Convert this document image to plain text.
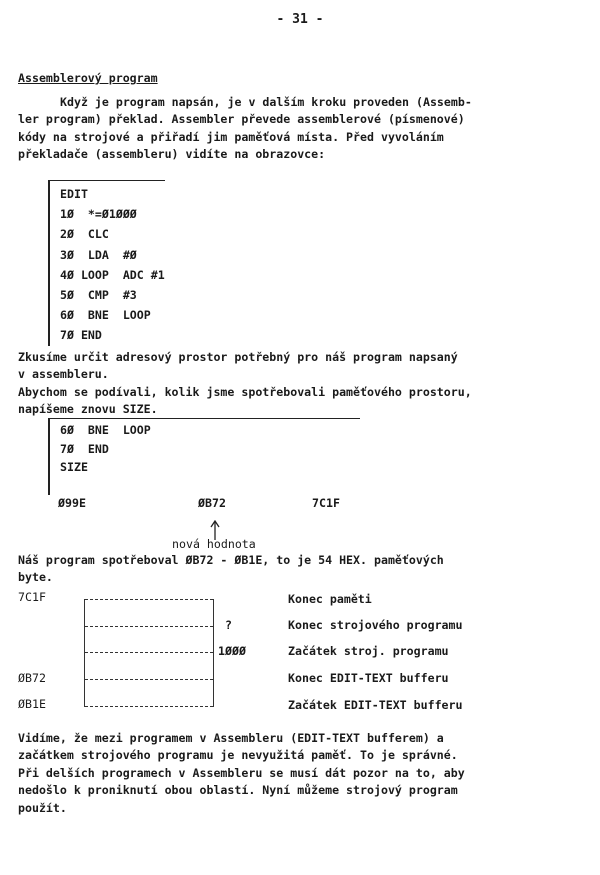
- 31 -
Assemblerový program
Když je program napsán, je v dalším kroku proveden (Assemb-
ler program) překlad. Assembler převede assemblerové (písmenové)
kódy na strojové a přiřadí jim paměťová místa. Před vyvoláním
překladače (assembleru) vidíte na obrazovce:
EDIT
1Ø  *=Ø1ØØØ
2Ø  CLC
3Ø  LDA  #Ø
4Ø LOOP  ADC #1
5Ø  CMP  #3
6Ø  BNE  LOOP
7Ø END
Zkusíme určit adresový prostor potřebný pro náš program napsaný
v assembleru.
Abychom se podívali, kolik jsme spotřebovali paměťového prostoru,
napíšeme znovu SIZE.
6Ø  BNE  LOOP
7Ø  END
SIZE
Ø99E	ØB72	7C1F
nová hodnota
Náš program spotřeboval ØB72 - ØB1E, to je 54 HEX. paměťových
byte.
7C1F
ØB72
ØB1E
?
1ØØØ
Konec paměti
Konec strojového programu
Začátek stroj. programu
Konec EDIT-TEXT bufferu
Začátek EDIT-TEXT bufferu
Vidíme, že mezi programem v Assembleru (EDIT-TEXT bufferem) a
začátkem strojového programu je nevyužitá paměť. To je správné.
Při delších programech v Assembleru se musí dát pozor na to, aby
nedošlo k proniknutí obou oblastí. Nyní můžeme strojový program
použít.
